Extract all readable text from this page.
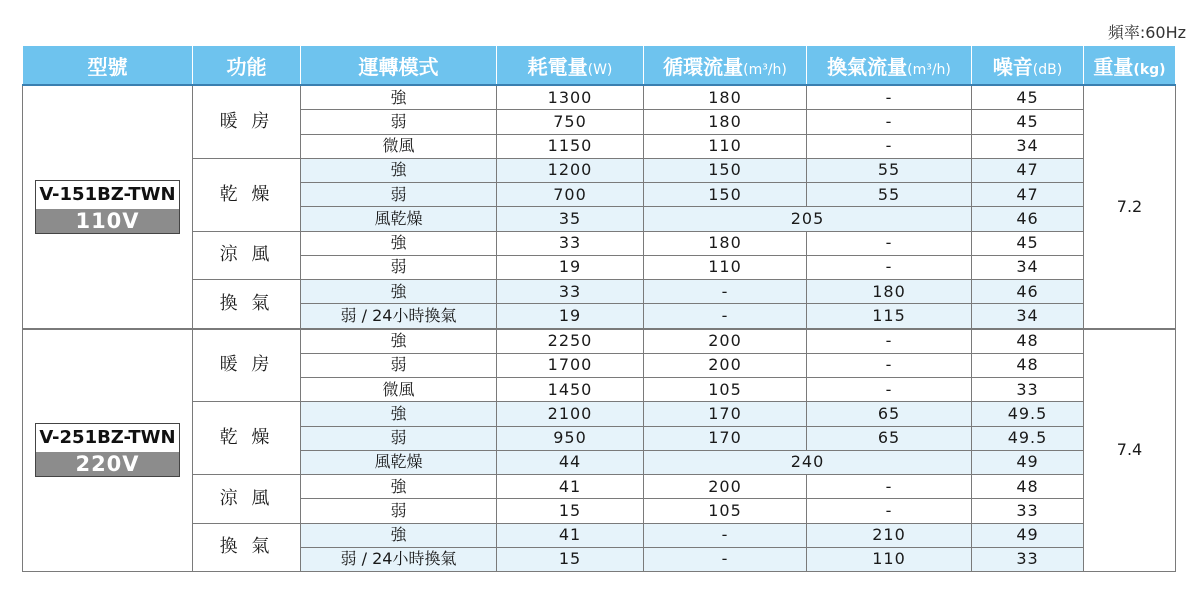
頻率:60Hz
型號	功能	運轉模式	耗電量(W)	循環流量(m³/h)	換氣流量(m³/h)	噪音(dB)	重量(kg)

V-151BZ-TWN
110V	暖 房	強	1300	180	-	45	7.2
		弱	750	180	-	45	
		微風	1150	110	-	34	
	乾 燥	強	1200	150	55	47	
		弱	700	150	55	47	
		風乾燥	35	205		46	
	涼 風	強	33	180	-	45	
		弱	19	110	-	34	
	換 氣	強	33	-	180	46	
		弱 / 24小時換氣	19	-	115	34	

V-251BZ-TWN
220V	暖 房	強	2250	200	-	48	7.4
		弱	1700	200	-	48	
		微風	1450	105	-	33	
	乾 燥	強	2100	170	65	49.5	
		弱	950	170	65	49.5	
		風乾燥	44	240		49	
	涼 風	強	41	200	-	48	
		弱	15	105	-	33	
	換 氣	強	41	-	210	49	
		弱 / 24小時換氣	15	-	110	33	
